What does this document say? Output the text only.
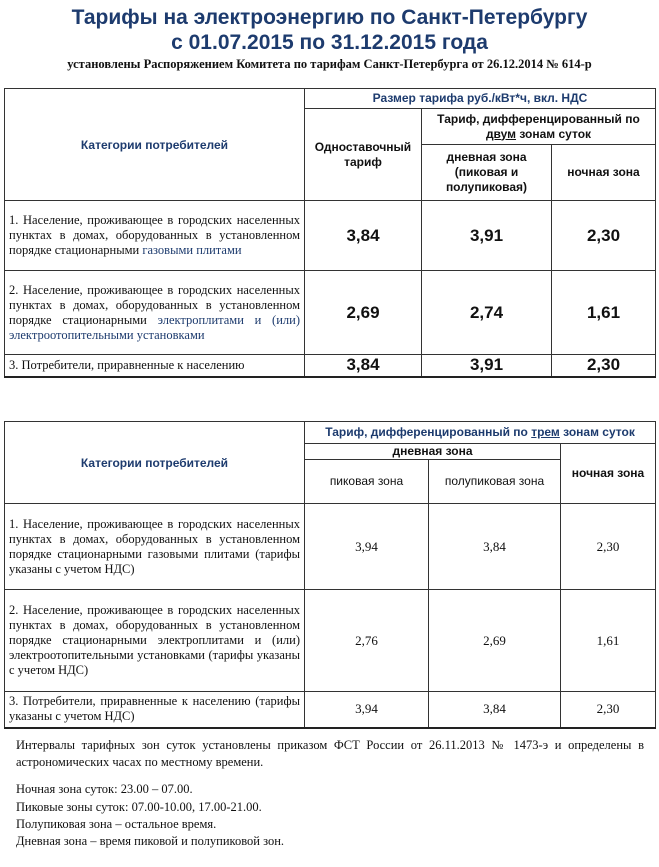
Тарифы на электроэнергию по Санкт-Петербургу
с 01.07.2015 по 31.12.2015 года
установлены Распоряжением Комитета по тарифам Санкт-Петербурга от 26.12.2014 № 614-р
Категории потребителей	Размер тарифа руб./кВт*ч, вкл. НДС		
	Одноставочный тариф	Тариф, дифференцированный по двум зонам суток	
		дневная зона (пиковая и полупиковая)	ночная зона
1. Население, проживающее в городских населенных пунктах в домах, оборудованных в установленном порядке стационарными газовыми плитами	3,84	3,91	2,30
2. Население, проживающее в городских населенных пунктах в домах, оборудованных в установленном порядке стационарными электроплитами и (или) электроотопительными установками	2,69	2,74	1,61
3. Потребители, приравненные к населению	3,84	3,91	2,30
Категории потребителей	Тариф, дифференцированный по трем зонам суток		
	дневная зона		ночная зона
	пиковая зона	полупиковая зона	
1. Население, проживающее в городских населенных пунктах в домах, оборудованных в установленном порядке стационарными газовыми плитами (тарифы указаны с учетом НДС)	3,94	3,84	2,30
2. Население, проживающее в городских населенных пунктах в домах, оборудованных в установленном порядке стационарными электроплитами и (или) электроотопительными установками (тарифы указаны с учетом НДС)	2,76	2,69	1,61
3. Потребители, приравненные к населению (тарифы указаны с учетом НДС)	3,94	3,84	2,30
Интервалы тарифных зон суток установлены приказом ФСТ России от 26.11.2013 № 1473-э и определены в астрономических часах по местному времени.
Ночная зона суток: 23.00 – 07.00.
Пиковые зоны суток: 07.00-10.00, 17.00-21.00.
Полупиковая зона – остальное время.
Дневная зона – время пиковой и полупиковой зон.
